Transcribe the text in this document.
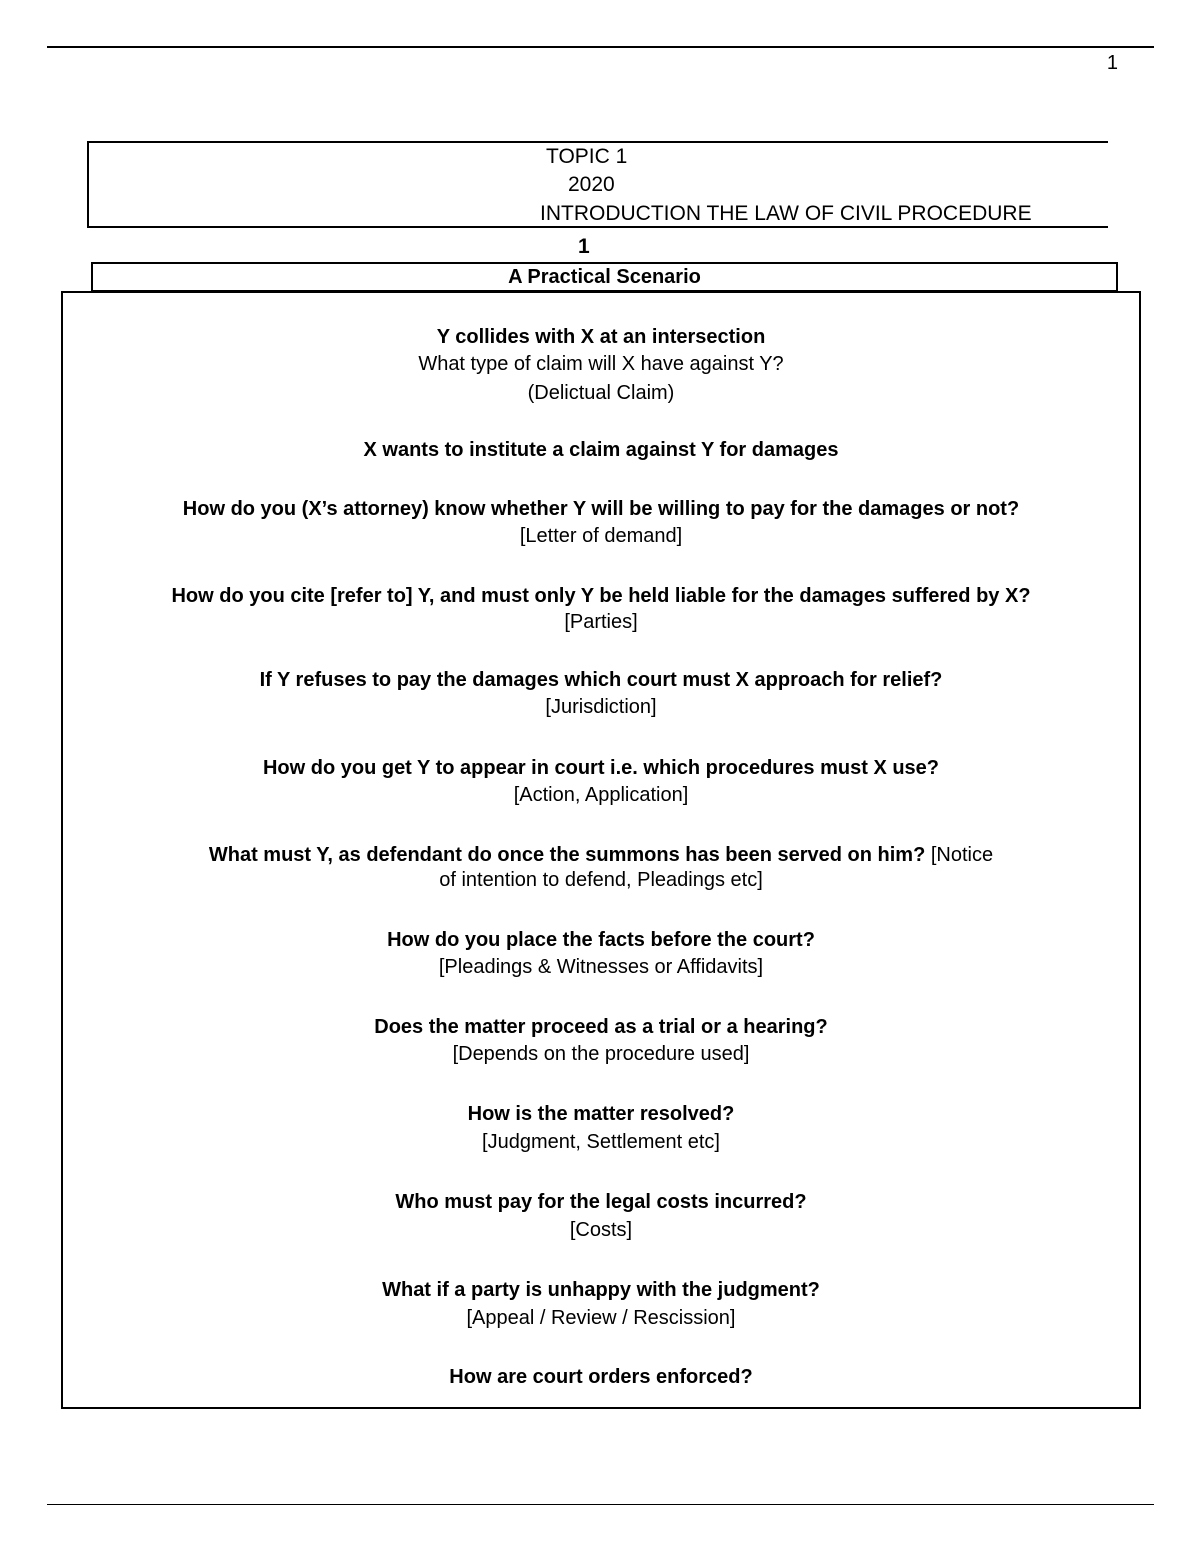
1
TOPIC 1
2020
INTRODUCTION THE LAW OF CIVIL PROCEDURE
1
A Practical Scenario
Y collides with X at an intersection
What type of claim will X have against Y?
(Delictual Claim)
X wants to institute a claim against Y for damages
How do you (X’s attorney) know whether Y will be willing to pay for the damages or not?
[Letter of demand]
How do you cite [refer to] Y, and must only Y be held liable for the damages suffered by X?
[Parties]
If Y refuses to pay the damages which court must X approach for relief?
[Jurisdiction]
How do you get Y to appear in court i.e. which procedures must X use?
[Action, Application]
What must Y, as defendant do once the summons has been served on him? [Notice
of intention to defend, Pleadings etc]
How do you place the facts before the court?
[Pleadings & Witnesses or Affidavits]
Does the matter proceed as a trial or a hearing?
[Depends on the procedure used]
How is the matter resolved?
[Judgment, Settlement etc]
Who must pay for the legal costs incurred?
[Costs]
What if a party is unhappy with the judgment?
[Appeal / Review / Rescission]
How are court orders enforced?
